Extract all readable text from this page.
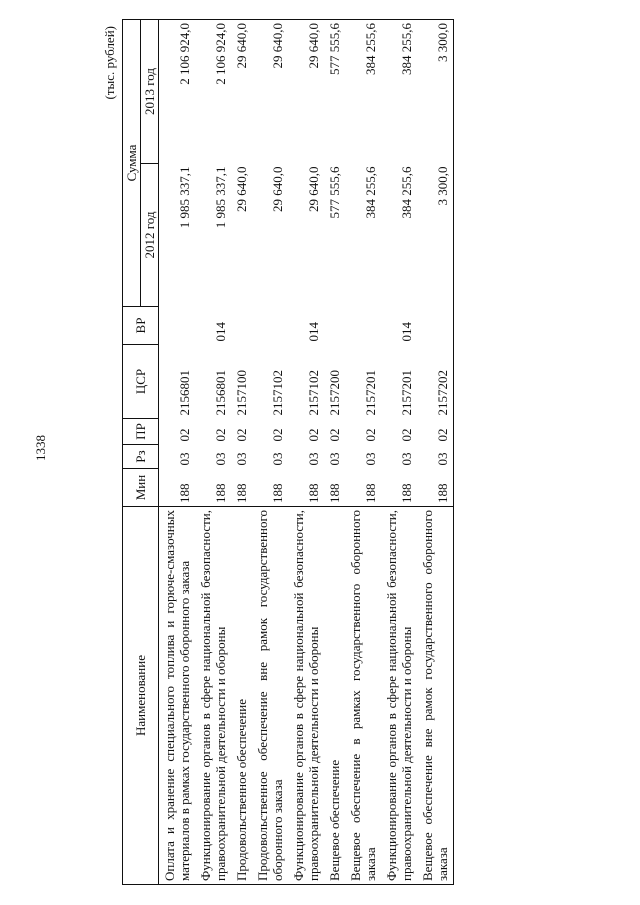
1338
(тыс. рублей)
Наименование	Мин	Рз	ПР	ЦСР	ВР	Сумма	
						2012 год	2013 год
Оплата и хранение специального топлива и горюче-смазочных материалов в рамках государственного оборонного заказа	188	03	02	2156801		1 985 337,1	2 106 924,0
Функционирование органов в сфере национальной безопасности, правоохранительной деятельности и обороны	188	03	02	2156801	014	1 985 337,1	2 106 924,0
Продовольственное обеспечение	188	03	02	2157100		29 640,0	29 640,0
Продовольственное обеспечение вне рамок государственного оборонного заказа	188	03	02	2157102		29 640,0	29 640,0
Функционирование органов в сфере национальной безопасности, правоохранительной деятельности и обороны	188	03	02	2157102	014	29 640,0	29 640,0
Вещевое обеспечение	188	03	02	2157200		577 555,6	577 555,6
Вещевое обеспечение в рамках государственного оборонного заказа	188	03	02	2157201		384 255,6	384 255,6
Функционирование органов в сфере национальной безопасности, правоохранительной деятельности и обороны	188	03	02	2157201	014	384 255,6	384 255,6
Вещевое обеспечение вне рамок государственного оборонного заказа	188	03	02	2157202		3 300,0	3 300,0
